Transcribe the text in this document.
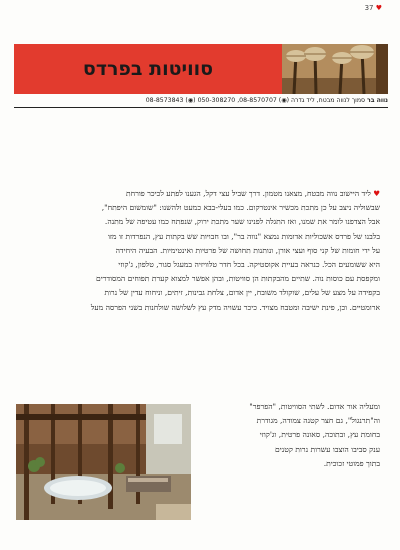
37 ♥
סוויטות בפרדס
נווה בר סמוך לנווה מבטח, ליד גדרה (◉) 08-8570707, 050-308270 (◉) 08-8573843

♥ ליד היישוב נווה מבטח, מצאנו מטמון. דרך שביל עצי דקל, הגענו לפתע לכיכר פורחת

שבשוליה ניצב על כן מתכת מכשיר אינטרקום. כמו בעלי-בבא כמעט ולהשנו: "שומשום היפתח",

אבל הצדפנו לומר את שמנו, ואז התגלה לפנינו שער מתכת ירוק, שנפתח כמו עטיפה של מתנה.

בלבנו של פרדס אשכוליות אדומות נמצא "נווה בר", ובו חבויות שש בקתות עץ, הנפרדות זו מזו

על ידי חומות של קני סוף ועצי אורן, ונותנות תחושה של פרטיות ואינטימיות. הבעיה היחידה

היא ששומעים הכל. כנראה בעיית אקוסטיקה. בכל חדר טלוויזיה במעגל סגור, טלפון, ג'קוזי

ומקפסת עם כוסות נוה. שתיים מהבקתות הן סוויטות, ובהן אפשר למצוא קערת תפוחים המסודרים

בקפידה על מצע של עלים, שוקולד משובח, יין אדום, צלחת גבינות, זיתים, וניחוח עדין של נרות

ארומטיים. וכן, פינת ישיבה ומטבח מצויד. כיכר עשויה מדק עץ לשלושה שולחנות בשני הפרסה מעל

ומעליה אור אדום. לשתי הסוויטות, "הפרפר"

וה"תרנגול", גם חצר קטנה צמודה, מגודרת

בחומת עץ, ובתוכה, סאונה פרטית, וג'קוזי

ענק סביבו הוצבו עשרות נרות קטנים

בתוך פמוטי זכוכית.
